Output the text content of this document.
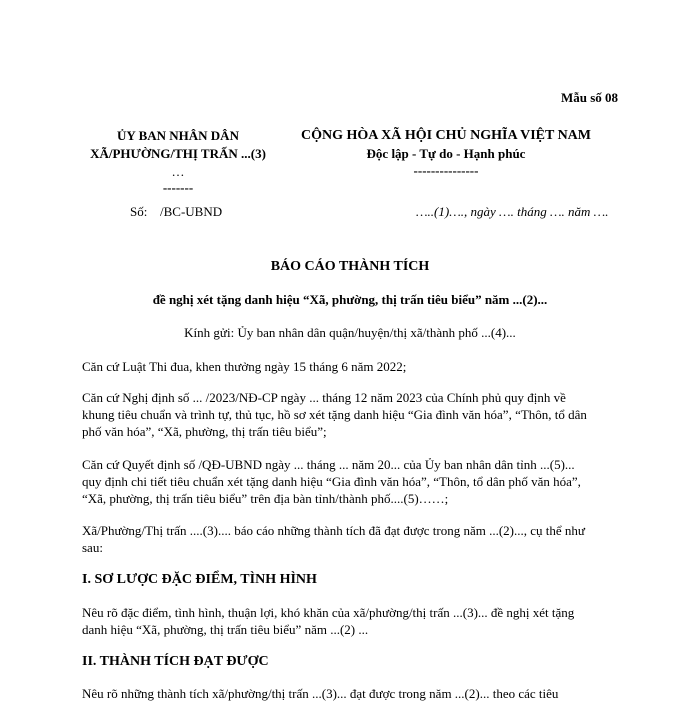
Mẫu số 08
ỦY BAN NHÂN DÂN
XÃ/PHƯỜNG/THỊ TRẤN ...(3)
…
-------
Số: /BC-UBND
CỘNG HÒA XÃ HỘI CHỦ NGHĨA VIỆT NAM
Độc lập - Tự do - Hạnh phúc
---------------
…..(1)…., ngày …. tháng …. năm ….
BÁO CÁO THÀNH TÍCH
đề nghị xét tặng danh hiệu “Xã, phường, thị trấn tiêu biểu” năm ...(2)...
Kính gửi: Ủy ban nhân dân quận/huyện/thị xã/thành phố ...(4)...
Căn cứ Luật Thi đua, khen thưởng ngày 15 tháng 6 năm 2022;
Căn cứ Nghị định số ... /2023/NĐ-CP ngày ... tháng 12 năm 2023 của Chính phủ quy định về
khung tiêu chuẩn và trình tự, thủ tục, hồ sơ xét tặng danh hiệu “Gia đình văn hóa”, “Thôn, tổ dân
phố văn hóa”, “Xã, phường, thị trấn tiêu biểu”;
Căn cứ Quyết định số /QĐ-UBND ngày ... tháng ... năm 20... của Ủy ban nhân dân tỉnh ...(5)...
quy định chi tiết tiêu chuẩn xét tặng danh hiệu “Gia đình văn hóa”, “Thôn, tổ dân phố văn hóa”,
“Xã, phường, thị trấn tiêu biểu” trên địa bàn tỉnh/thành phố....(5)……;
Xã/Phường/Thị trấn ....(3).... báo cáo những thành tích đã đạt được trong năm ...(2)..., cụ thể như
sau:
I. SƠ LƯỢC ĐẶC ĐIỂM, TÌNH HÌNH
Nêu rõ đặc điểm, tình hình, thuận lợi, khó khăn của xã/phường/thị trấn ...(3)... đề nghị xét tặng
danh hiệu “Xã, phường, thị trấn tiêu biểu” năm ...(2) ...
II. THÀNH TÍCH ĐẠT ĐƯỢC
Nêu rõ những thành tích xã/phường/thị trấn ...(3)... đạt được trong năm ...(2)... theo các tiêu
